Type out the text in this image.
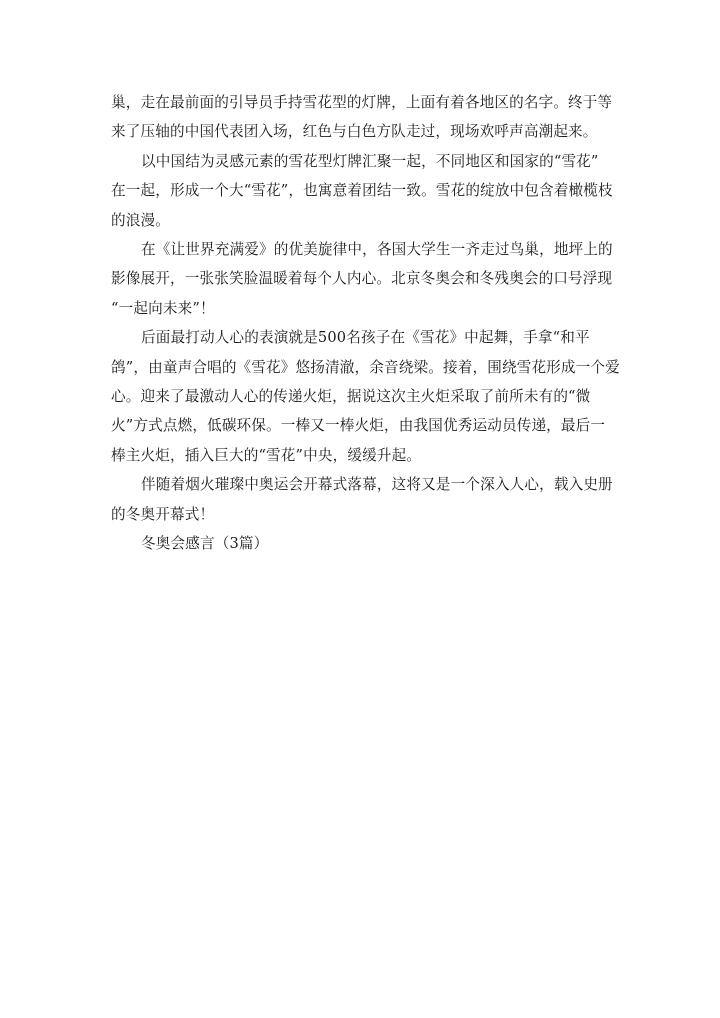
巢，走在最前面的引导员手持雪花型的灯牌，上面有着各地区的名字。终于等
来了压轴的中国代表团入场，红色与白色方队走过，现场欢呼声高潮起来。

以中国结为灵感元素的雪花型灯牌汇聚一起，不同地区和国家的“雪花”
在一起，形成一个大“雪花”，也寓意着团结一致。雪花的绽放中包含着橄榄枝
的浪漫。

在《让世界充满爱》的优美旋律中，各国大学生一齐走过鸟巢，地坪上的
影像展开，一张张笑脸温暖着每个人内心。北京冬奥会和冬残奥会的口号浮现
“一起向未来”！

后面最打动人心的表演就是500名孩子在《雪花》中起舞，手拿“和平
鸽”，由童声合唱的《雪花》悠扬清澈，余音绕梁。接着，围绕雪花形成一个爱
心。迎来了最激动人心的传递火炬，据说这次主火炬采取了前所未有的“微
火”方式点燃，低碳环保。一棒又一棒火炬，由我国优秀运动员传递，最后一
棒主火炬，插入巨大的“雪花”中央，缓缓升起。

伴随着烟火璀璨中奥运会开幕式落幕，这将又是一个深入人心，载入史册
的冬奥开幕式！

冬奥会感言（3篇）
